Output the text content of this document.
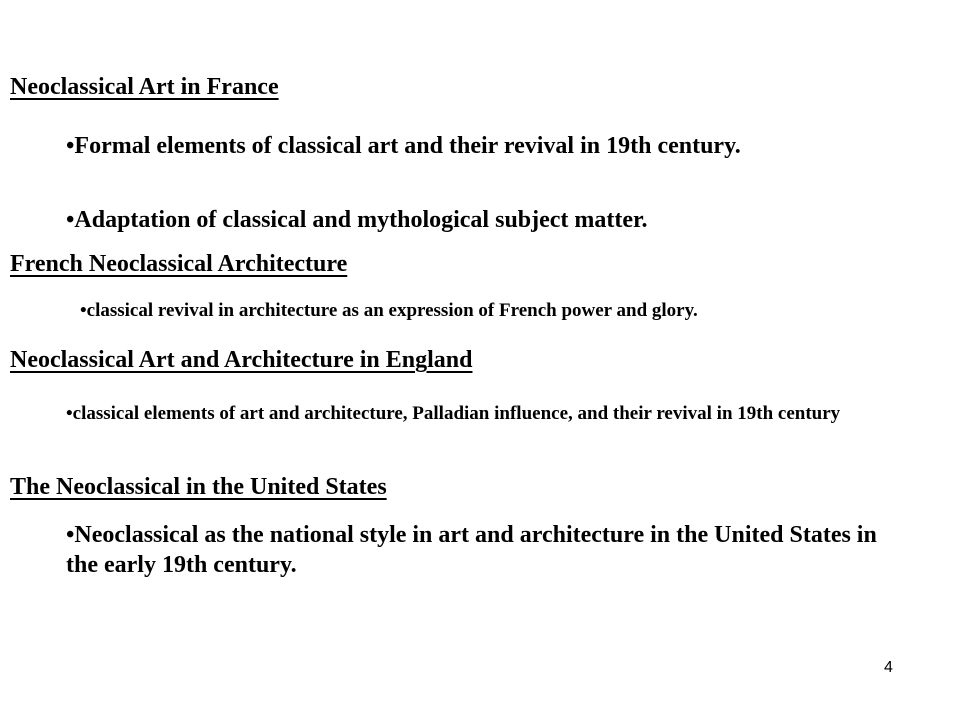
Neoclassical Art in France

•Formal elements of classical art and their revival in 19th century.

•Adaptation of classical and mythological subject matter.

French Neoclassical Architecture

•classical revival in architecture as an expression of French power and glory.

Neoclassical Art and Architecture in England

•classical elements of art and architecture, Palladian influence, and their revival in 19th century

The Neoclassical in the United States

•Neoclassical as the national style in art and architecture in the United States in the early 19th century.

4
